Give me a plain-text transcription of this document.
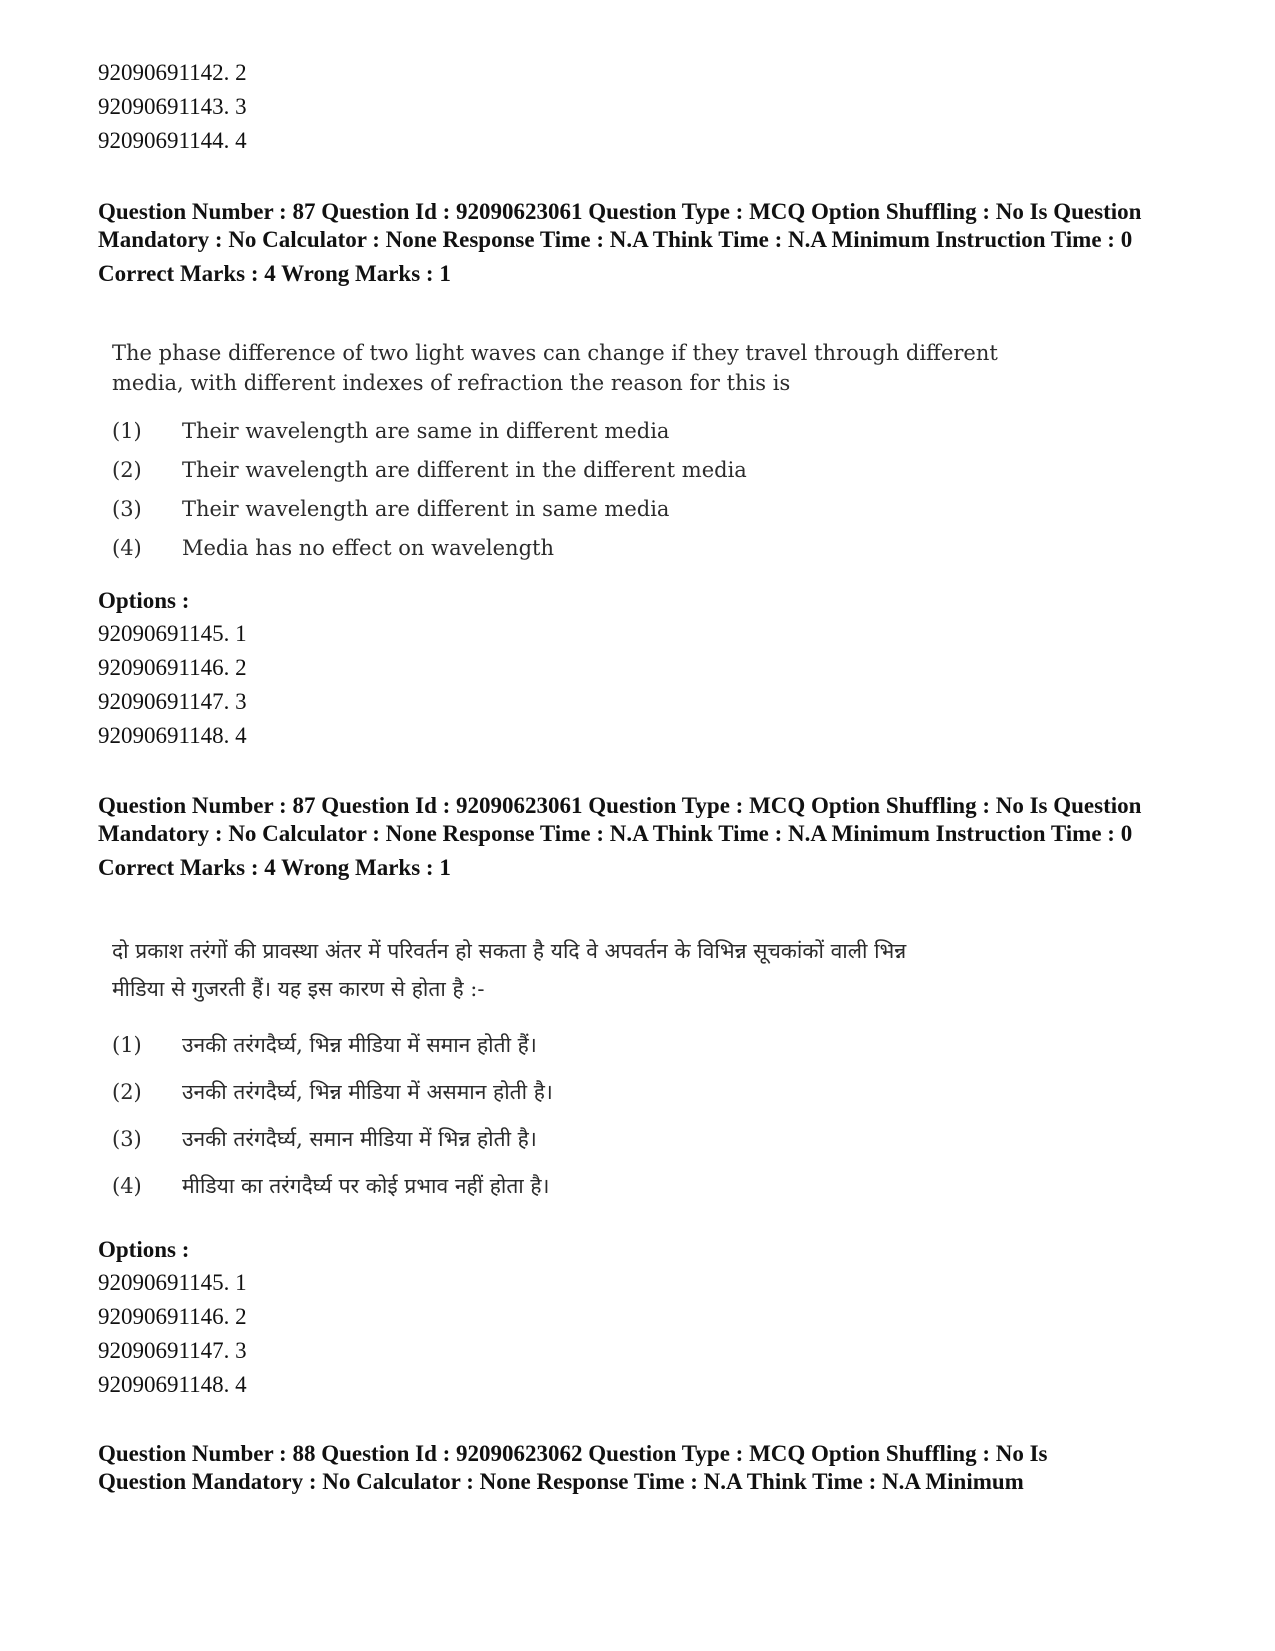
92090691142. 2
92090691143. 3
92090691144. 4
Question Number : 87 Question Id : 92090623061 Question Type : MCQ Option Shuffling : No Is Question Mandatory : No Calculator : None Response Time : N.A Think Time : N.A Minimum Instruction Time : 0
Correct Marks : 4 Wrong Marks : 1
The phase difference of two light waves can change if they travel through different
media, with different indexes of refraction the reason for this is
(1)	Their wavelength are same in different media
(2)	Their wavelength are different in the different media
(3)	Their wavelength are different in same media
(4)	Media has no effect on wavelength
Options :
92090691145. 1
92090691146. 2
92090691147. 3
92090691148. 4
Question Number : 87 Question Id : 92090623061 Question Type : MCQ Option Shuffling : No Is Question Mandatory : No Calculator : None Response Time : N.A Think Time : N.A Minimum Instruction Time : 0
Correct Marks : 4 Wrong Marks : 1
दो प्रकाश तरंगों की प्रावस्था अंतर में परिवर्तन हो सकता है यदि वे अपवर्तन के विभिन्न सूचकांकों वाली भिन्न
मीडिया से गुजरती हैं। यह इस कारण से होता है :-
(1)	उनकी तरंगदैर्घ्य, भिन्न मीडिया में समान होती हैं।
(2)	उनकी तरंगदैर्घ्य, भिन्न मीडिया में असमान होती है।
(3)	उनकी तरंगदैर्घ्य, समान मीडिया में भिन्न होती है।
(4)	मीडिया का तरंगदैर्घ्य पर कोई प्रभाव नहीं होता है।
Options :
92090691145. 1
92090691146. 2
92090691147. 3
92090691148. 4
Question Number : 88 Question Id : 92090623062 Question Type : MCQ Option Shuffling : No Is
Question Mandatory : No Calculator : None Response Time : N.A Think Time : N.A Minimum
